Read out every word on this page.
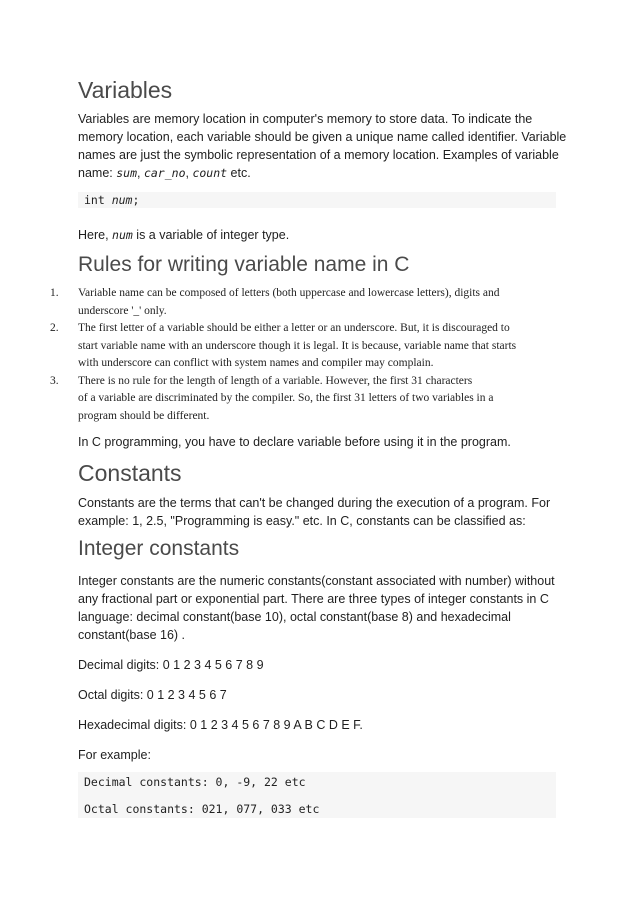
Variables

Variables are memory location in computer's memory to store data. To indicate the
memory location, each variable should be given a unique name called identifier. Variable
names are just the symbolic representation of a memory location. Examples of variable
name: sum, car_no, count etc.

int num;

Here, num is a variable of integer type.

Rules for writing variable name in C
1. Variable name can be composed of letters (both uppercase and lowercase letters), digits and
underscore '_' only.
2. The first letter of a variable should be either a letter or an underscore. But, it is discouraged to
start variable name with an underscore though it is legal. It is because, variable name that starts
with underscore can conflict with system names and compiler may complain.
3. There is no rule for the length of length of a variable. However, the first 31 characters
of a variable are discriminated by the compiler. So, the first 31 letters of two variables in a
program should be different.

In C programming, you have to declare variable before using it in the program.

Constants

Constants are the terms that can't be changed during the execution of a program. For
example: 1, 2.5, "Programming is easy." etc. In C, constants can be classified as:

Integer constants

Integer constants are the numeric constants(constant associated with number) without
any fractional part or exponential part. There are three types of integer constants in C
language: decimal constant(base 10), octal constant(base 8) and hexadecimal
constant(base 16) .

Decimal digits: 0 1 2 3 4 5 6 7 8 9

Octal digits: 0 1 2 3 4 5 6 7

Hexadecimal digits: 0 1 2 3 4 5 6 7 8 9 A B C D E F.

For example:

Decimal constants: 0, -9, 22 etc
Octal constants: 021, 077, 033 etc
